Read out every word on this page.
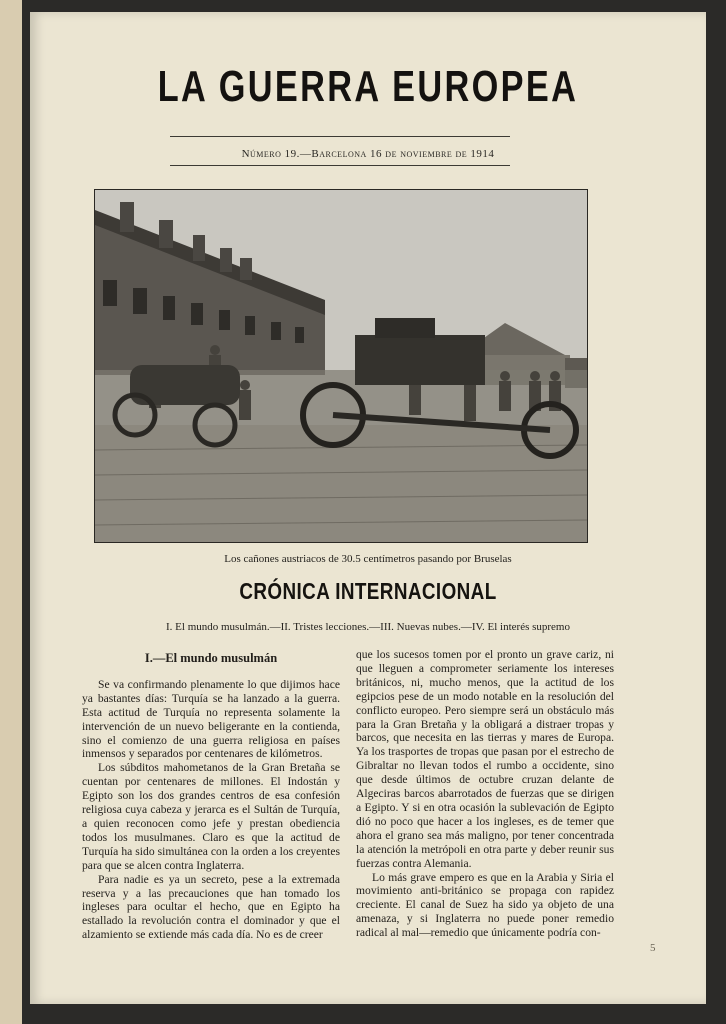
LA GUERRA EUROPEA
Número 19.—Barcelona 16 de noviembre de 1914
Los cañones austriacos de 30.5 centímetros pasando por Bruselas
CRÓNICA INTERNACIONAL
I. El mundo musulmán.—II. Tristes lecciones.—III. Nuevas nubes.—IV. El interés supremo
I.—El mundo musulmán

Se va confirmando plenamente lo que dijimos hace ya bastantes días: Turquía se ha lanzado a la guerra. Esta actitud de Turquía no representa solamente la intervención de un nuevo beligerante en la contienda, sino el comienzo de una guerra religiosa en países inmensos y separados por centenares de kilómetros.

Los súbditos mahometanos de la Gran Bretaña se cuentan por centenares de millones. El Indostán y Egipto son los dos grandes centros de esa confesión religiosa cuya cabeza y jerarca es el Sultán de Turquía, a quien reconocen como jefe y prestan obediencia todos los musulmanes. Claro es que la actitud de Turquía ha sido simultánea con la orden a los creyentes para que se alcen contra Inglaterra.

Para nadie es ya un secreto, pese a la extremada reserva y a las precauciones que han tomado los ingleses para ocultar el hecho, que en Egipto ha estallado la revolución contra el dominador y que el alzamiento se extiende más cada día. No es de creer

que los sucesos tomen por el pronto un grave cariz, ni que lleguen a comprometer seriamente los intereses británicos, ni, mucho menos, que la actitud de los egipcios pese de un modo notable en la resolución del conflicto europeo. Pero siempre será un obstáculo más para la Gran Bretaña y la obligará a distraer tropas y barcos, que necesita en las tierras y mares de Europa. Ya los trasportes de tropas que pasan por el estrecho de Gibraltar no llevan todos el rumbo a occidente, sino que desde últimos de octubre cruzan delante de Algeciras barcos abarrotados de fuerzas que se dirigen a Egipto. Y si en otra ocasión la sublevación de Egipto dió no poco que hacer a los ingleses, es de temer que ahora el grano sea más maligno, por tener concentrada la atención la metrópoli en otra parte y deber reunir sus fuerzas contra Alemania.

Lo más grave empero es que en la Arabia y Siria el movimiento anti-británico se propaga con rapidez creciente. El canal de Suez ha sido ya objeto de una amenaza, y si Inglaterra no puede poner remedio radical al mal—remedio que únicamente podría con-

5
